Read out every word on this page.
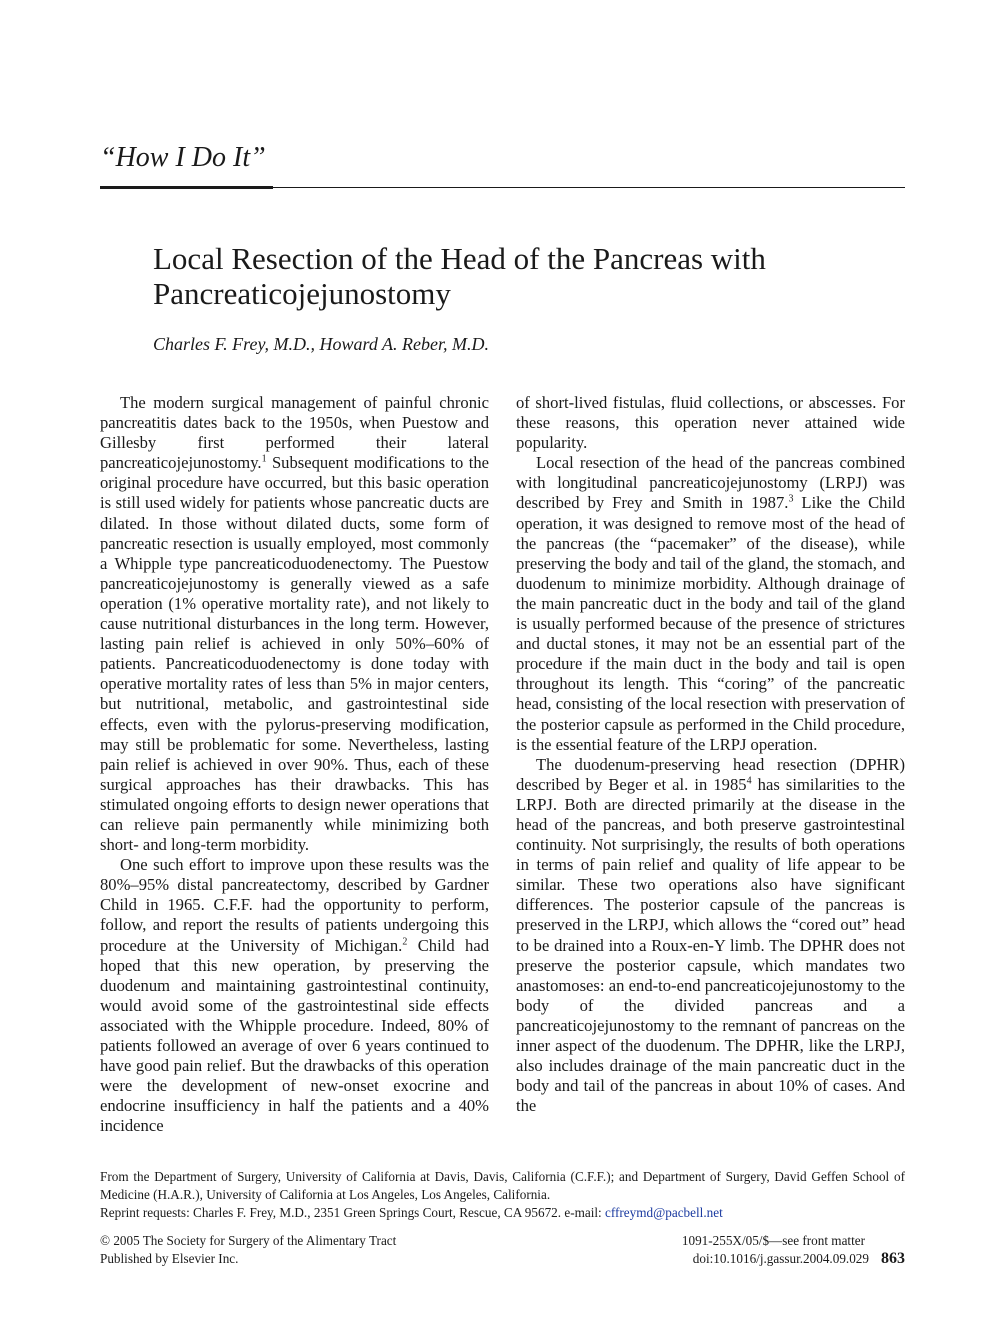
“How I Do It”
Local Resection of the Head of the Pancreas with Pancreaticojejunostomy
Charles F. Frey, M.D., Howard A. Reber, M.D.

The modern surgical management of painful chronic pancreatitis dates back to the 1950s, when Puestow and Gillesby first performed their lateral pancreaticojejunostomy.$^1$ Subsequent modifications to the original procedure have occurred, but this basic operation is still used widely for patients whose pancreatic ducts are dilated. In those without dilated ducts, some form of pancreatic resection is usually employed, most commonly a Whipple type pancreaticoduodenectomy. The Puestow pancreaticojejunostomy is generally viewed as a safe operation (1% operative mortality rate), and not likely to cause nutritional disturbances in the long term. However, lasting pain relief is achieved in only 50%–60% of patients. Pancreaticoduodenectomy is done today with operative mortality rates of less than 5% in major centers, but nutritional, metabolic, and gastrointestinal side effects, even with the pylorus-preserving modification, may still be problematic for some. Nevertheless, lasting pain relief is achieved in over 90%. Thus, each of these surgical approaches has their drawbacks. This has stimulated ongoing efforts to design newer operations that can relieve pain permanently while minimizing both short- and long-term morbidity.

One such effort to improve upon these results was the 80%–95% distal pancreatectomy, described by Gardner Child in 1965. C.F.F. had the opportunity to perform, follow, and report the results of patients undergoing this procedure at the University of Michigan.$^2$ Child had hoped that this new operation, by preserving the duodenum and maintaining gastrointestinal continuity, would avoid some of the gastrointestinal side effects associated with the Whipple procedure. Indeed, 80% of patients followed an average of over 6 years continued to have good pain relief. But the drawbacks of this operation were the development of new-onset exocrine and endocrine insufficiency in half the patients and a 40% incidence

of short-lived fistulas, fluid collections, or abscesses. For these reasons, this operation never attained wide popularity.

Local resection of the head of the pancreas combined with longitudinal pancreaticojejunostomy (LRPJ) was described by Frey and Smith in 1987.$^3$ Like the Child operation, it was designed to remove most of the head of the pancreas (the “pacemaker” of the disease), while preserving the body and tail of the gland, the stomach, and duodenum to minimize morbidity. Although drainage of the main pancreatic duct in the body and tail of the gland is usually performed because of the presence of strictures and ductal stones, it may not be an essential part of the procedure if the main duct in the body and tail is open throughout its length. This “coring” of the pancreatic head, consisting of the local resection with preservation of the posterior capsule as performed in the Child procedure, is the essential feature of the LRPJ operation.

The duodenum-preserving head resection (DPHR) described by Beger et al. in 1985$^4$ has similarities to the LRPJ. Both are directed primarily at the disease in the head of the pancreas, and both preserve gastrointestinal continuity. Not surprisingly, the results of both operations in terms of pain relief and quality of life appear to be similar. These two operations also have significant differences. The posterior capsule of the pancreas is preserved in the LRPJ, which allows the “cored out” head to be drained into a Roux-en-Y limb. The DPHR does not preserve the posterior capsule, which mandates two anastomoses: an end-to-end pancreaticojejunostomy to the body of the divided pancreas and a pancreaticojejunostomy to the remnant of pancreas on the inner aspect of the duodenum. The DPHR, like the LRPJ, also includes drainage of the main pancreatic duct in the body and tail of the pancreas in about 10% of cases. And the

From the Department of Surgery, University of California at Davis, Davis, California (C.F.F.); and Department of Surgery, David Geffen School of Medicine (H.A.R.), University of California at Los Angeles, Los Angeles, California.

Reprint requests: Charles F. Frey, M.D., 2351 Green Springs Court, Rescue, CA 95672. e-mail: cffreymd@pacbell.net

© 2005 The Society for Surgery of the Alimentary Tract
Published by Elsevier Inc.
1091-255X/05/$—see front matter
doi:10.1016/j.gassur.2004.09.029 863
